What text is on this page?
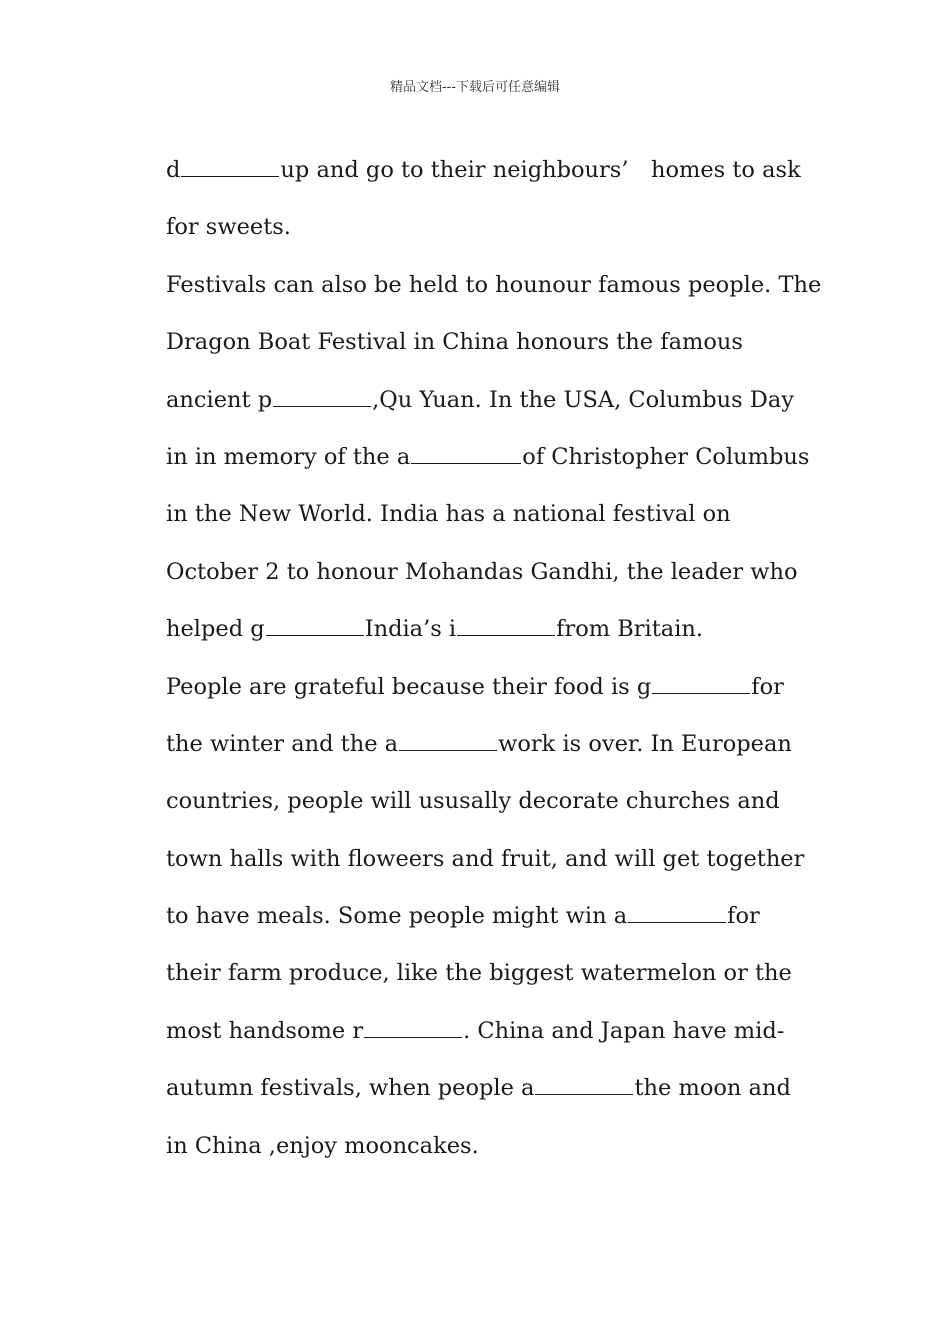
精品文档---下载后可任意编辑
d	up and go to their neighbours’　homes to ask
for sweets.
Festivals can also be held to hounour famous people. The
Dragon Boat Festival in China honours the famous
ancient p	,Qu Yuan. In the USA, Columbus Day
in in memory of the a	of Christopher Columbus
in the New World. India has a national festival on
October 2 to honour Mohandas Gandhi, the leader who
helped g	India’s i	from Britain.
People are grateful because their food is g	for
the winter and the a	work is over. In European
countries, people will ususally decorate churches and
town halls with floweers and fruit, and will get together
to have meals. Some people might win a	for
their farm produce, like the biggest watermelon or the
most handsome r	. China and Japan have mid-
autumn festivals, when people a	the moon and
in China ,enjoy mooncakes.
